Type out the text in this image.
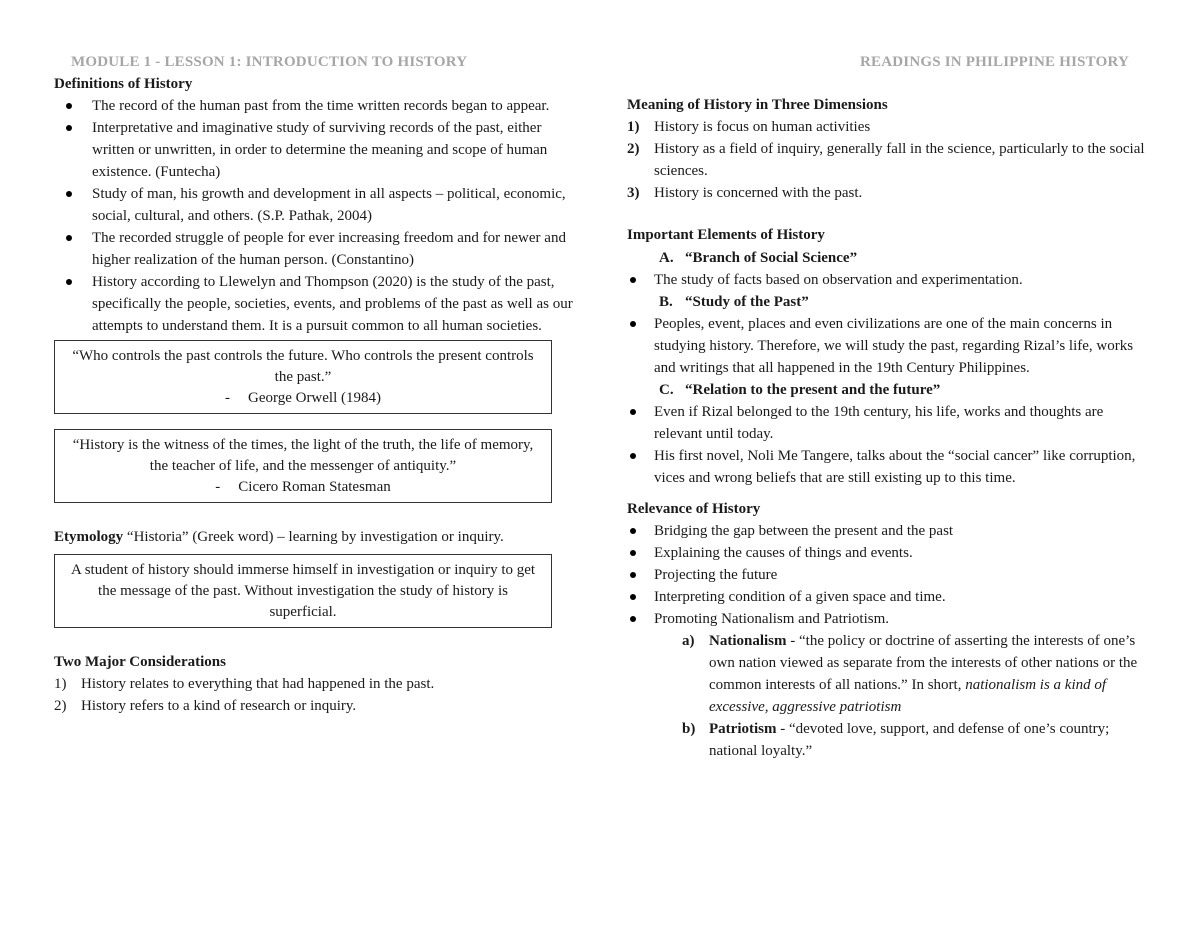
MODULE 1 - LESSON 1: INTRODUCTION TO HISTORY	READINGS IN PHILIPPINE HISTORY

Definitions of History

The record of the human past from the time written records began to appear.
Interpretative and imaginative study of surviving records of the past, either written or unwritten, in order to determine the meaning and scope of human existence. (Funtecha)
Study of man, his growth and development in all aspects – political, economic, social, cultural, and others. (S.P. Pathak, 2004)
The recorded struggle of people for ever increasing freedom and for newer and higher realization of the human person. (Constantino)
History according to Llewelyn and Thompson (2020) is the study of the past, specifically the people, societies, events, and problems of the past as well as our attempts to understand them. It is a pursuit common to all human societies.
“Who controls the past controls the future. Who controls the present controls the past.”
- George Orwell (1984)
“History is the witness of the times, the light of the truth, the life of memory, the teacher of life, and the messenger of antiquity.”
- Cicero Roman Statesman

Etymology “Historia” (Greek word) – learning by investigation or inquiry.

A student of history should immerse himself in investigation or inquiry to get the message of the past. Without investigation the study of history is superficial.

Two Major Considerations

1) History relates to everything that had happened in the past.
2) History refers to a kind of research or inquiry.

Meaning of History in Three Dimensions

1) History is focus on human activities
2) History as a field of inquiry, generally fall in the science, particularly to the social sciences.
3) History is concerned with the past.

Important Elements of History

A. “Branch of Social Science”
The study of facts based on observation and experimentation.
B. “Study of the Past”
Peoples, event, places and even civilizations are one of the main concerns in studying history. Therefore, we will study the past, regarding Rizal’s life, works and writings that all happened in the 19th Century Philippines.
C. “Relation to the present and the future”
Even if Rizal belonged to the 19th century, his life, works and thoughts are relevant until today.
His first novel, Noli Me Tangere, talks about the “social cancer” like corruption, vices and wrong beliefs that are still existing up to this time.

Relevance of History

Bridging the gap between the present and the past
Explaining the causes of things and events.
Projecting the future
Interpreting condition of a given space and time.
Promoting Nationalism and Patriotism.
a) Nationalism - “the policy or doctrine of asserting the interests of one’s own nation viewed as separate from the interests of other nations or the common interests of all nations.” In short, nationalism is a kind of excessive, aggressive patriotism
b) Patriotism - “devoted love, support, and defense of one’s country; national loyalty.”
